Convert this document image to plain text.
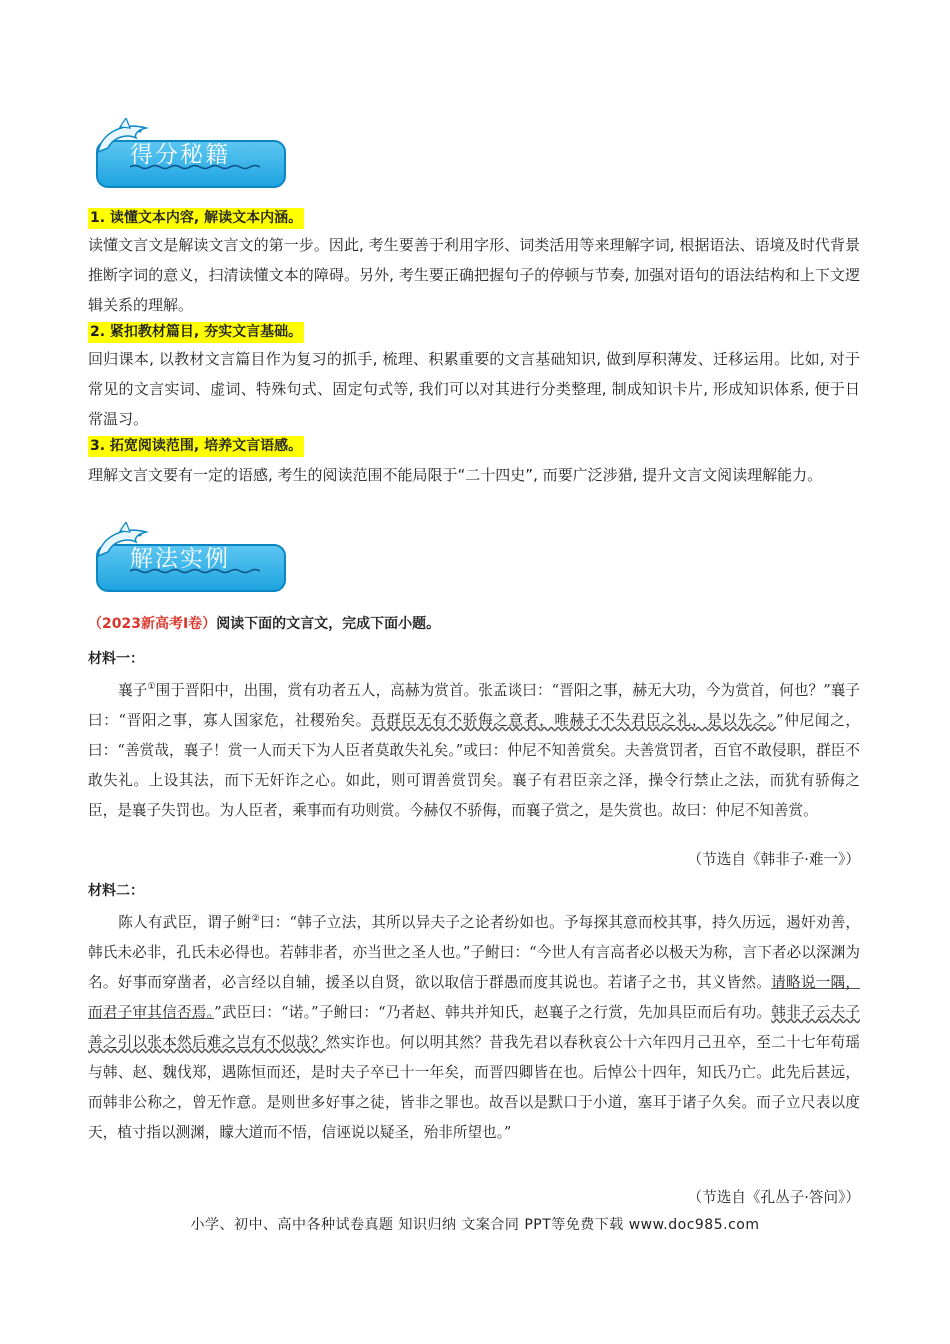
得分秘籍
1. 读懂文本内容, 解读文本内涵。
读懂文言文是解读文言文的第一步。因此, 考生要善于利用字形、词类活用等来理解字词, 根据语法、语境及时代背景推断字词的意义，扫清读懂文本的障碍。另外, 考生要正确把握句子的停顿与节奏, 加强对语句的语法结构和上下文逻辑关系的理解。
2. 紧扣教材篇目, 夯实文言基础。
回归课本, 以教材文言篇目作为复习的抓手, 梳理、积累重要的文言基础知识, 做到厚积薄发、迁移运用。比如, 对于常见的文言实词、虚词、特殊句式、固定句式等, 我们可以对其进行分类整理, 制成知识卡片, 形成知识体系, 便于日常温习。
3. 拓宽阅读范围, 培养文言语感。
理解文言文要有一定的语感, 考生的阅读范围不能局限于“二十四史”, 而要广泛涉猎, 提升文言文阅读理解能力。
解法实例
（2023新高考Ⅰ卷）阅读下面的文言文，完成下面小题。
材料一：
襄子①围于晋阳中，出围，赏有功者五人，高赫为赏首。张孟谈曰：“晋阳之事，赫无大功，今为赏首，何也？”襄子曰：“晋阳之事，寡人国家危，社稷殆矣。吾群臣无有不骄侮之意者，唯赫子不失君臣之礼，是以先之。”仲尼闻之，曰：“善赏哉，襄子！赏一人而天下为人臣者莫敢失礼矣。”或曰：仲尼不知善赏矣。夫善赏罚者，百官不敢侵职，群臣不敢失礼。上设其法，而下无奸诈之心。如此，则可谓善赏罚矣。襄子有君臣亲之泽，操令行禁止之法，而犹有骄侮之臣，是襄子失罚也。为人臣者，乘事而有功则赏。今赫仅不骄侮，而襄子赏之，是失赏也。故曰：仲尼不知善赏。
（节选自《韩非子·难一》）
材料二：
陈人有武臣，谓子鲋②曰：“韩子立法，其所以异夫子之论者纷如也。予每探其意而校其事，持久历远，遏奸劝善，韩氏未必非，孔氏未必得也。若韩非者，亦当世之圣人也。”子鲋曰：“今世人有言高者必以极天为称，言下者必以深渊为名。好事而穿凿者，必言经以自辅，援圣以自贤，欲以取信于群愚而度其说也。若诸子之书，其义皆然。请略说一隅，而君子审其信否焉。”武臣曰：“诺。”子鲋曰：“乃者赵、韩共并知氏，赵襄子之行赏，先加具臣而后有功。韩非子云夫子善之引以张本然后难之岂有不似哉？然实诈也。何以明其然？昔我先君以春秋哀公十六年四月己丑卒，至二十七年荀瑶与韩、赵、魏伐郑，遇陈恒而还，是时夫子卒已十一年矣，而晋四卿皆在也。后悼公十四年，知氏乃亡。此先后甚远，而韩非公称之，曾无怍意。是则世多好事之徒，皆非之罪也。故吾以是默口于小道，塞耳于诸子久矣。而子立尺表以度天，植寸指以测渊，矇大道而不悟，信诬说以疑圣，殆非所望也。”
（节选自《孔丛子·答问》）
小学、初中、高中各种试卷真题 知识归纳 文案合同 PPT等免费下载 www.doc985.com
